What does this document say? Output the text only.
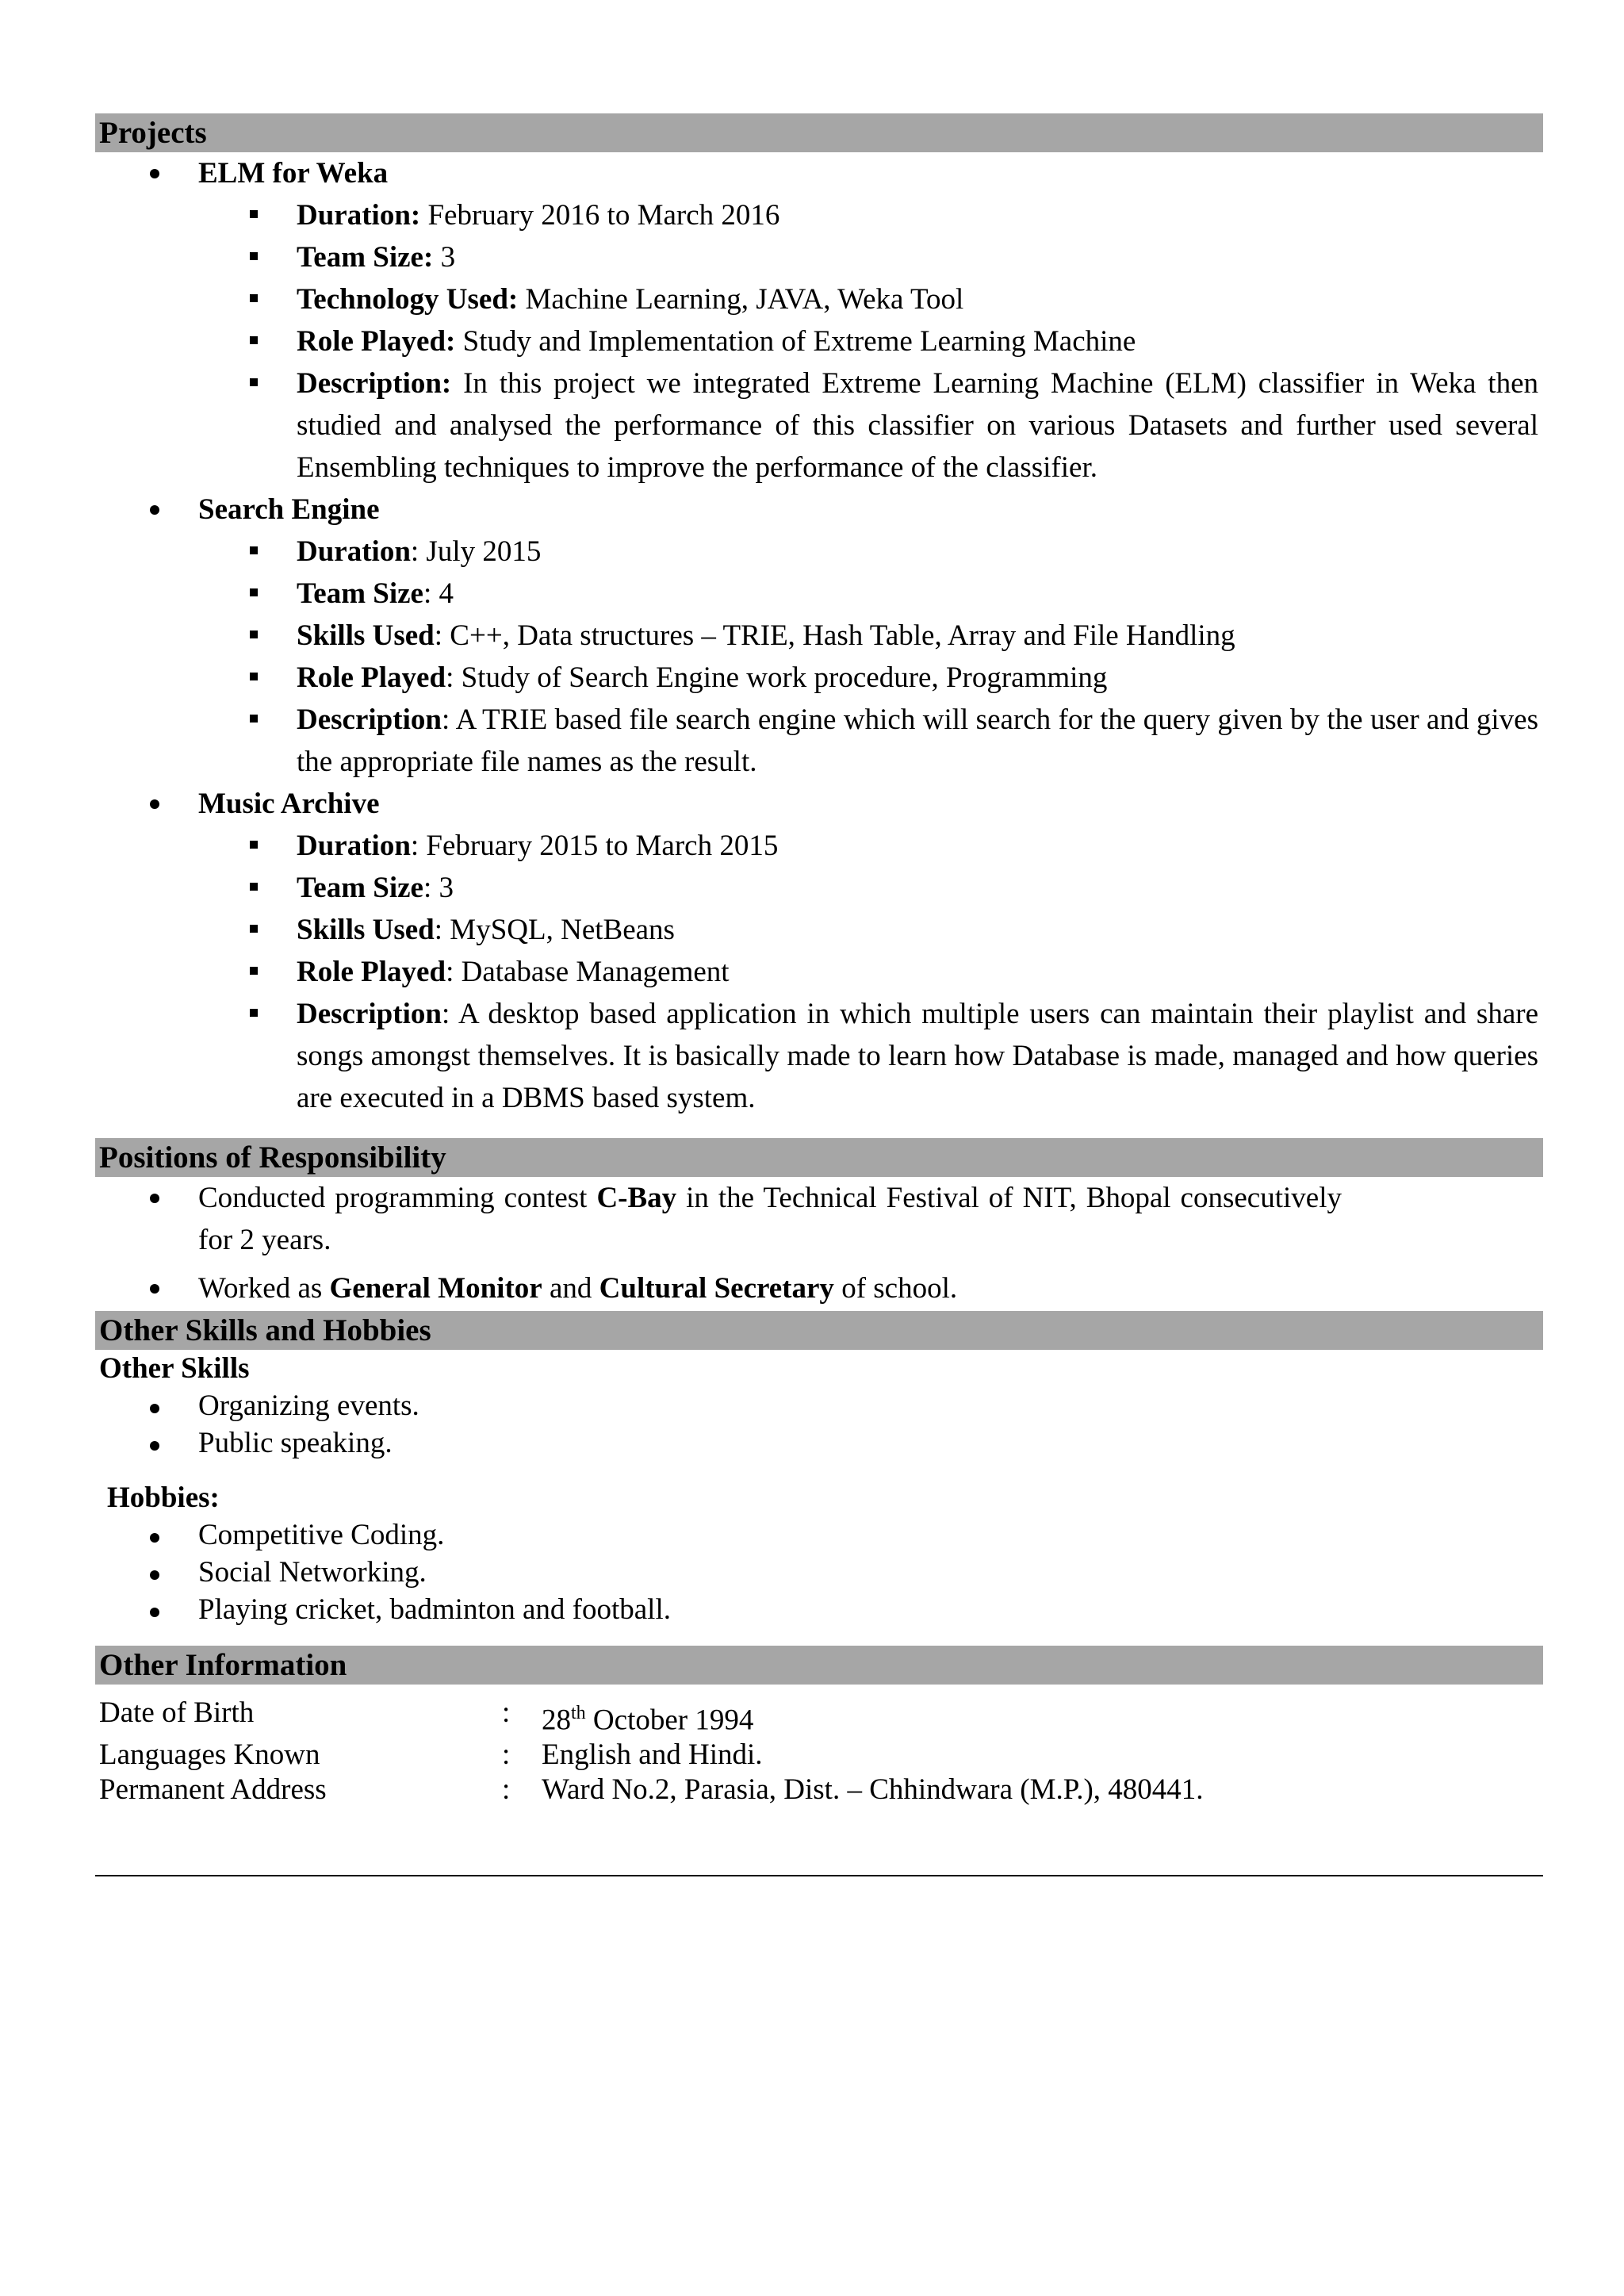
Projects
ELM for Weka
Duration: February 2016 to March 2016
Team Size: 3
Technology Used: Machine Learning, JAVA, Weka Tool
Role Played: Study and Implementation of Extreme Learning Machine
Description: In this project we integrated Extreme Learning Machine (ELM) classifier in Weka then studied and analysed the performance of this classifier on various Datasets and further used several Ensembling techniques to improve the performance of the classifier.
Search Engine
Duration: July 2015
Team Size: 4
Skills Used: C++, Data structures – TRIE, Hash Table, Array and File Handling
Role Played: Study of Search Engine work procedure, Programming
Description: A TRIE based file search engine which will search for the query given by the user and gives the appropriate file names as the result.
Music Archive
Duration: February 2015 to March 2015
Team Size: 3
Skills Used: MySQL, NetBeans
Role Played: Database Management
Description: A desktop based application in which multiple users can maintain their playlist and share songs amongst themselves. It is basically made to learn how Database is made, managed and how queries are executed in a DBMS based system.
Positions of Responsibility
Conducted programming contest C-Bay in the Technical Festival of NIT, Bhopal consecutively for 2 years.
Worked as General Monitor and Cultural Secretary of school.
Other Skills and Hobbies
Other Skills
Organizing events.
Public speaking.
Hobbies:
Competitive Coding.
Social Networking.
Playing cricket, badminton and football.
Other Information
Date of Birth	:	28th October 1994
Languages Known	:	English and Hindi.
Permanent Address	:	Ward No.2, Parasia, Dist. – Chhindwara (M.P.), 480441.
